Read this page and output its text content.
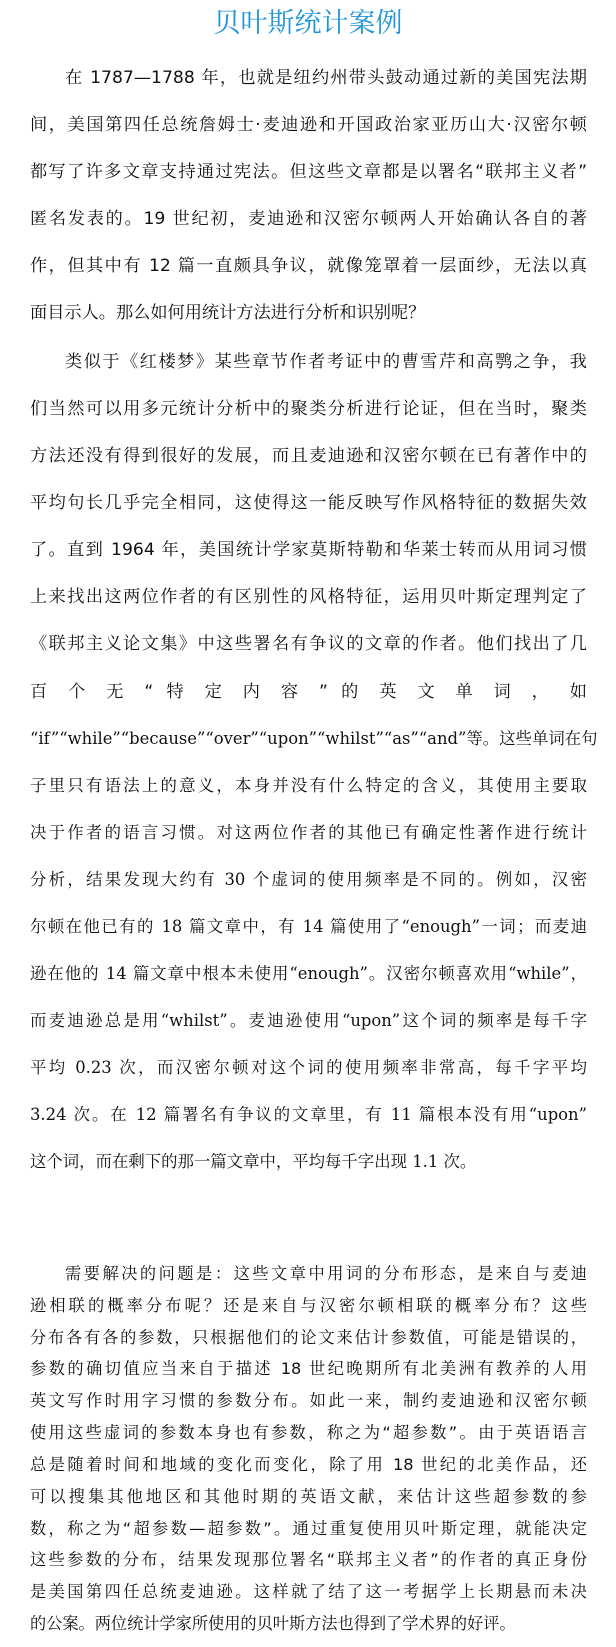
贝叶斯统计案例
在 1787—1788 年，也就是纽约州带头鼓动通过新的美国宪法期
间，美国第四任总统詹姆士·麦迪逊和开国政治家亚历山大·汉密尔顿
都写了许多文章支持通过宪法。但这些文章都是以署名“联邦主义者”
匿名发表的。19 世纪初，麦迪逊和汉密尔顿两人开始确认各自的著
作，但其中有 12 篇一直颇具争议，就像笼罩着一层面纱，无法以真
面目示人。那么如何用统计方法进行分析和识别呢？
类似于《红楼梦》某些章节作者考证中的曹雪芹和高鹗之争，我
们当然可以用多元统计分析中的聚类分析进行论证，但在当时，聚类
方法还没有得到很好的发展，而且麦迪逊和汉密尔顿在已有著作中的
平均句长几乎完全相同，这使得这一能反映写作风格特征的数据失效
了。直到 1964 年，美国统计学家莫斯特勒和华莱士转而从用词习惯
上来找出这两位作者的有区别性的风格特征，运用贝叶斯定理判定了
《联邦主义论文集》中这些署名有争议的文章的作者。他们找出了几
百 个 无 “ 特 定 内 容 ” 的 英 文 单 词 ， 如
“if”“while”“because”“over”“upon”“whilst”“as”“and”等。这些单词在句
子里只有语法上的意义，本身并没有什么特定的含义，其使用主要取
决于作者的语言习惯。对这两位作者的其他已有确定性著作进行统计
分析，结果发现大约有 30 个虚词的使用频率是不同的。例如，汉密
尔顿在他已有的 18 篇文章中，有 14 篇使用了“enough”一词；而麦迪
逊在他的 14 篇文章中根本未使用“enough”。汉密尔顿喜欢用“while”，
而麦迪逊总是用“whilst”。麦迪逊使用“upon”这个词的频率是每千字
平均 0.23 次，而汉密尔顿对这个词的使用频率非常高，每千字平均
3.24 次。在 12 篇署名有争议的文章里，有 11 篇根本没有用“upon”
这个词，而在剩下的那一篇文章中，平均每千字出现 1.1 次。
需要解决的问题是：这些文章中用词的分布形态，是来自与麦迪
逊相联的概率分布呢？还是来自与汉密尔顿相联的概率分布？这些
分布各有各的参数，只根据他们的论文来估计参数值，可能是错误的，
参数的确切值应当来自于描述 18 世纪晚期所有北美洲有教养的人用
英文写作时用字习惯的参数分布。如此一来，制约麦迪逊和汉密尔顿
使用这些虚词的参数本身也有参数，称之为“超参数”。由于英语语言
总是随着时间和地域的变化而变化，除了用 18 世纪的北美作品，还
可以搜集其他地区和其他时期的英语文献，来估计这些超参数的参
数，称之为“超参数—超参数”。通过重复使用贝叶斯定理，就能决定
这些参数的分布，结果发现那位署名“联邦主义者”的作者的真正身份
是美国第四任总统麦迪逊。这样就了结了这一考据学上长期悬而未决
的公案。两位统计学家所使用的贝叶斯方法也得到了学术界的好评。
